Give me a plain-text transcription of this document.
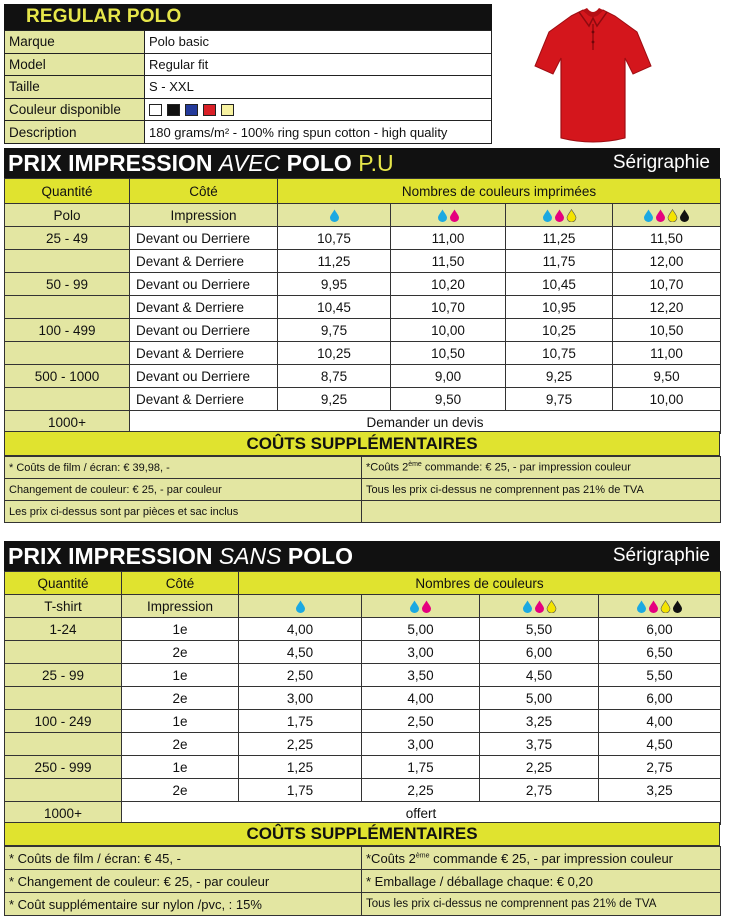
REGULAR POLO
Marque	Polo basic
Model	Regular fit
Taille	S - XXL
Couleur disponible	
Description	180 grams/m² - 100% ring spun cotton - high quality
PRIX IMPRESSION AVEC POLO P.U	Sérigraphie
Quantité	Côté	Nombres de couleurs imprimées			
Polo	Impression	

25 - 49	Devant ou Derriere	10,75	11,00	11,25	11,50
	Devant & Derriere	11,25	11,50	11,75	12,00
50 - 99	Devant ou Derriere	9,95	10,20	10,45	10,70
	Devant & Derriere	10,45	10,70	10,95	12,20
100 - 499	Devant ou Derriere	9,75	10,00	10,25	10,50
	Devant & Derriere	10,25	10,50	10,75	11,00
500 - 1000	Devant ou Derriere	8,75	9,00	9,25	9,50
	Devant & Derriere	9,25	9,50	9,75	10,00
1000+	Demander un devis				
COÛTS SUPPLÉMENTAIRES
* Coûts de film / écran: € 39,98, -	*Coûts 2ème commande: € 25, - par impression couleur
Changement de couleur: € 25, - par couleur	Tous les prix ci-dessus ne comprennent pas 21% de TVA
Les prix ci-dessus sont par pièces et sac inclus	
PRIX IMPRESSION SANS POLO	Sérigraphie
Quantité	Côté	Nombres de couleurs			
T-shirt	Impression	

1-24	1e	4,00	5,00	5,50	6,00
	2e	4,50	3,00	6,00	6,50
25 - 99	1e	2,50	3,50	4,50	5,50
	2e	3,00	4,00	5,00	6,00
100 - 249	1e	1,75	2,50	3,25	4,00
	2e	2,25	3,00	3,75	4,50
250 - 999	1e	1,25	1,75	2,25	2,75
	2e	1,75	2,25	2,75	3,25
1000+	offert				
COÛTS SUPPLÉMENTAIRES
* Coûts de film / écran: € 45, -	*Coûts 2ème commande € 25, - par impression couleur
* Changement de couleur: € 25, - par couleur	* Emballage / déballage chaque: € 0,20
* Coût supplémentaire sur nylon /pvc, : 15%	Tous les prix ci-dessus ne comprennent pas 21% de TVA
